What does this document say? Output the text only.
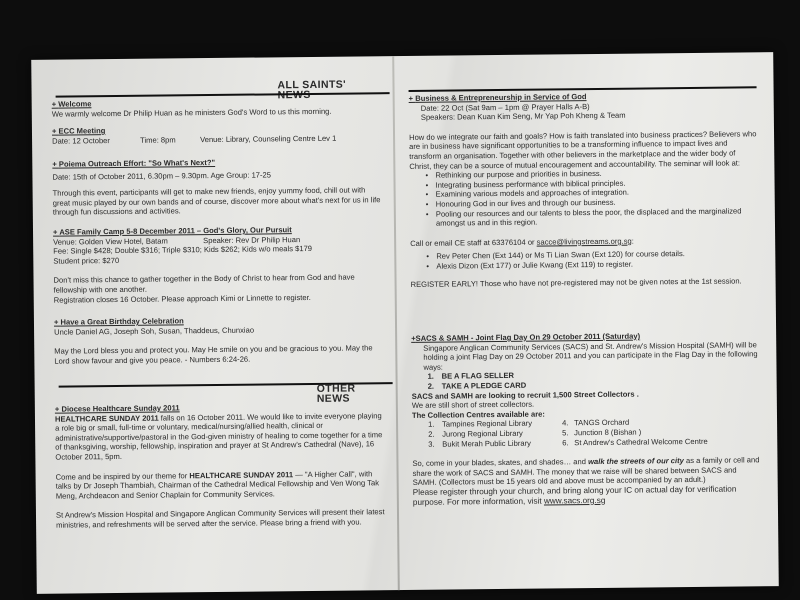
ALL SAINTS'
+ Welcome

We warmly welcome Dr Philip Huan as he ministers God's Word to us this morning.

+ ECC Meeting
Date: 12 October	Time: 8pm	Venue: Library, Counseling Centre Lev 1
+ Poiema Outreach Effort: "So What's Next?"

Date: 15th of October 2011, 6.30pm – 9.30pm. Age Group: 17-25

Through this event, participants will get to make new friends, enjoy yummy food, chill out with great music played by our own bands and of course, discover more about what's next for us in life through fun discussions and activities.

+ ASE Family Camp 5-8 December 2011 – God's Glory, Our Pursuit
Venue: Golden View Hotel, Batam	Speaker: Rev Dr Philip Huan

Fee: Single $428; Double $316; Triple $310; Kids $262; Kids w/o meals $179

Student price: $270

Don't miss this chance to gather together in the Body of Christ to hear from God and have fellowship with one another.

Registration closes 16 October. Please approach Kimi or Linnette to register.

+ Have a Great Birthday Celebration

Uncle Daniel AG, Joseph Soh, Susan, Thaddeus, Chunxiao

May the Lord bless you and protect you. May He smile on you and be gracious to you. May the Lord show favour and give you peace. - Numbers 6:24-26.

OTHER NEWS
+ Diocese Healthcare Sunday 2011

HEALTHCARE SUNDAY 2011 falls on 16 October 2011. We would like to invite everyone playing a role big or small, full-time or voluntary, medical/nursing/allied health, clinical or administrative/supportive/pastoral in the God-given ministry of healing to come together for a time of thanksgiving, worship, fellowship, inspiration and prayer at St Andrew's Cathedral (Nave), 16 October 2011, 5pm.

Come and be inspired by our theme for HEALTHCARE SUNDAY 2011 — "A Higher Call", with talks by Dr Joseph Thambiah, Chairman of the Cathedral Medical Fellowship and Ven Wong Tak Meng, Archdeacon and Senior Chaplain for Community Services.

St Andrew's Mission Hospital and Singapore Anglican Community Services will present their latest ministries, and refreshments will be served after the service. Please bring a friend with you.

+ Business & Entrepreneurship in Service of God

Date: 22 Oct (Sat 9am – 1pm @ Prayer Halls A-B)

Speakers: Dean Kuan Kim Seng, Mr Yap Poh Kheng & Team

How do we integrate our faith and goals? How is faith translated into business practices? Believers who are in business have significant opportunities to be a transforming influence to impact lives and transform an organisation. Together with other believers in the marketplace and the wider body of Christ, they can be a source of mutual encouragement and accountability. The seminar will look at:

• Rethinking our purpose and priorities in business.
• Integrating business performance with biblical principles.
• Examining various models and approaches of integration.
• Honouring God in our lives and through our business.
• Pooling our resources and our talents to bless the poor, the displaced and the marginalized amongst us and in this region.

Call or email CE staff at 63376104 or sacce@livingstreams.org.sg:

• Rev Peter Chen (Ext 144) or Ms Ti Lian Swan (Ext 120) for course details.
• Alexis Dizon (Ext 177) or Julie Kwang (Ext 119) to register.

REGISTER EARLY! Those who have not pre-registered may not be given notes at the 1st session.

+SACS & SAMH - Joint Flag Day On 29 October 2011 (Saturday)

Singapore Anglican Community Services (SACS) and St. Andrew's Mission Hospital (SAMH) will be holding a joint Flag Day on 29 October 2011 and you can participate in the Flag Day in the following ways:

1. BE A FLAG SELLER
2. TAKE A PLEDGE CARD

SACS and SAMH are looking to recruit 1,500 Street Collectors .

We are still short of street collectors.

The Collection Centres available are:

1. Tampines Regional Library
2. Jurong Regional Library
3. Bukit Merah Public Library
4. TANGS Orchard
5. Junction 8 (Bishan )
6. St Andrew's Cathedral Welcome Centre

So, come in your blades, skates, and shades… and walk the streets of our city as a family or cell and share the work of SACS and SAMH. The money that we raise will be shared between SACS and SAMH. (Collectors must be 15 years old and above must be accompanied by an adult.)

Please register through your church, and bring along your IC on actual day for verification purpose. For more information, visit www.sacs.org.sg
